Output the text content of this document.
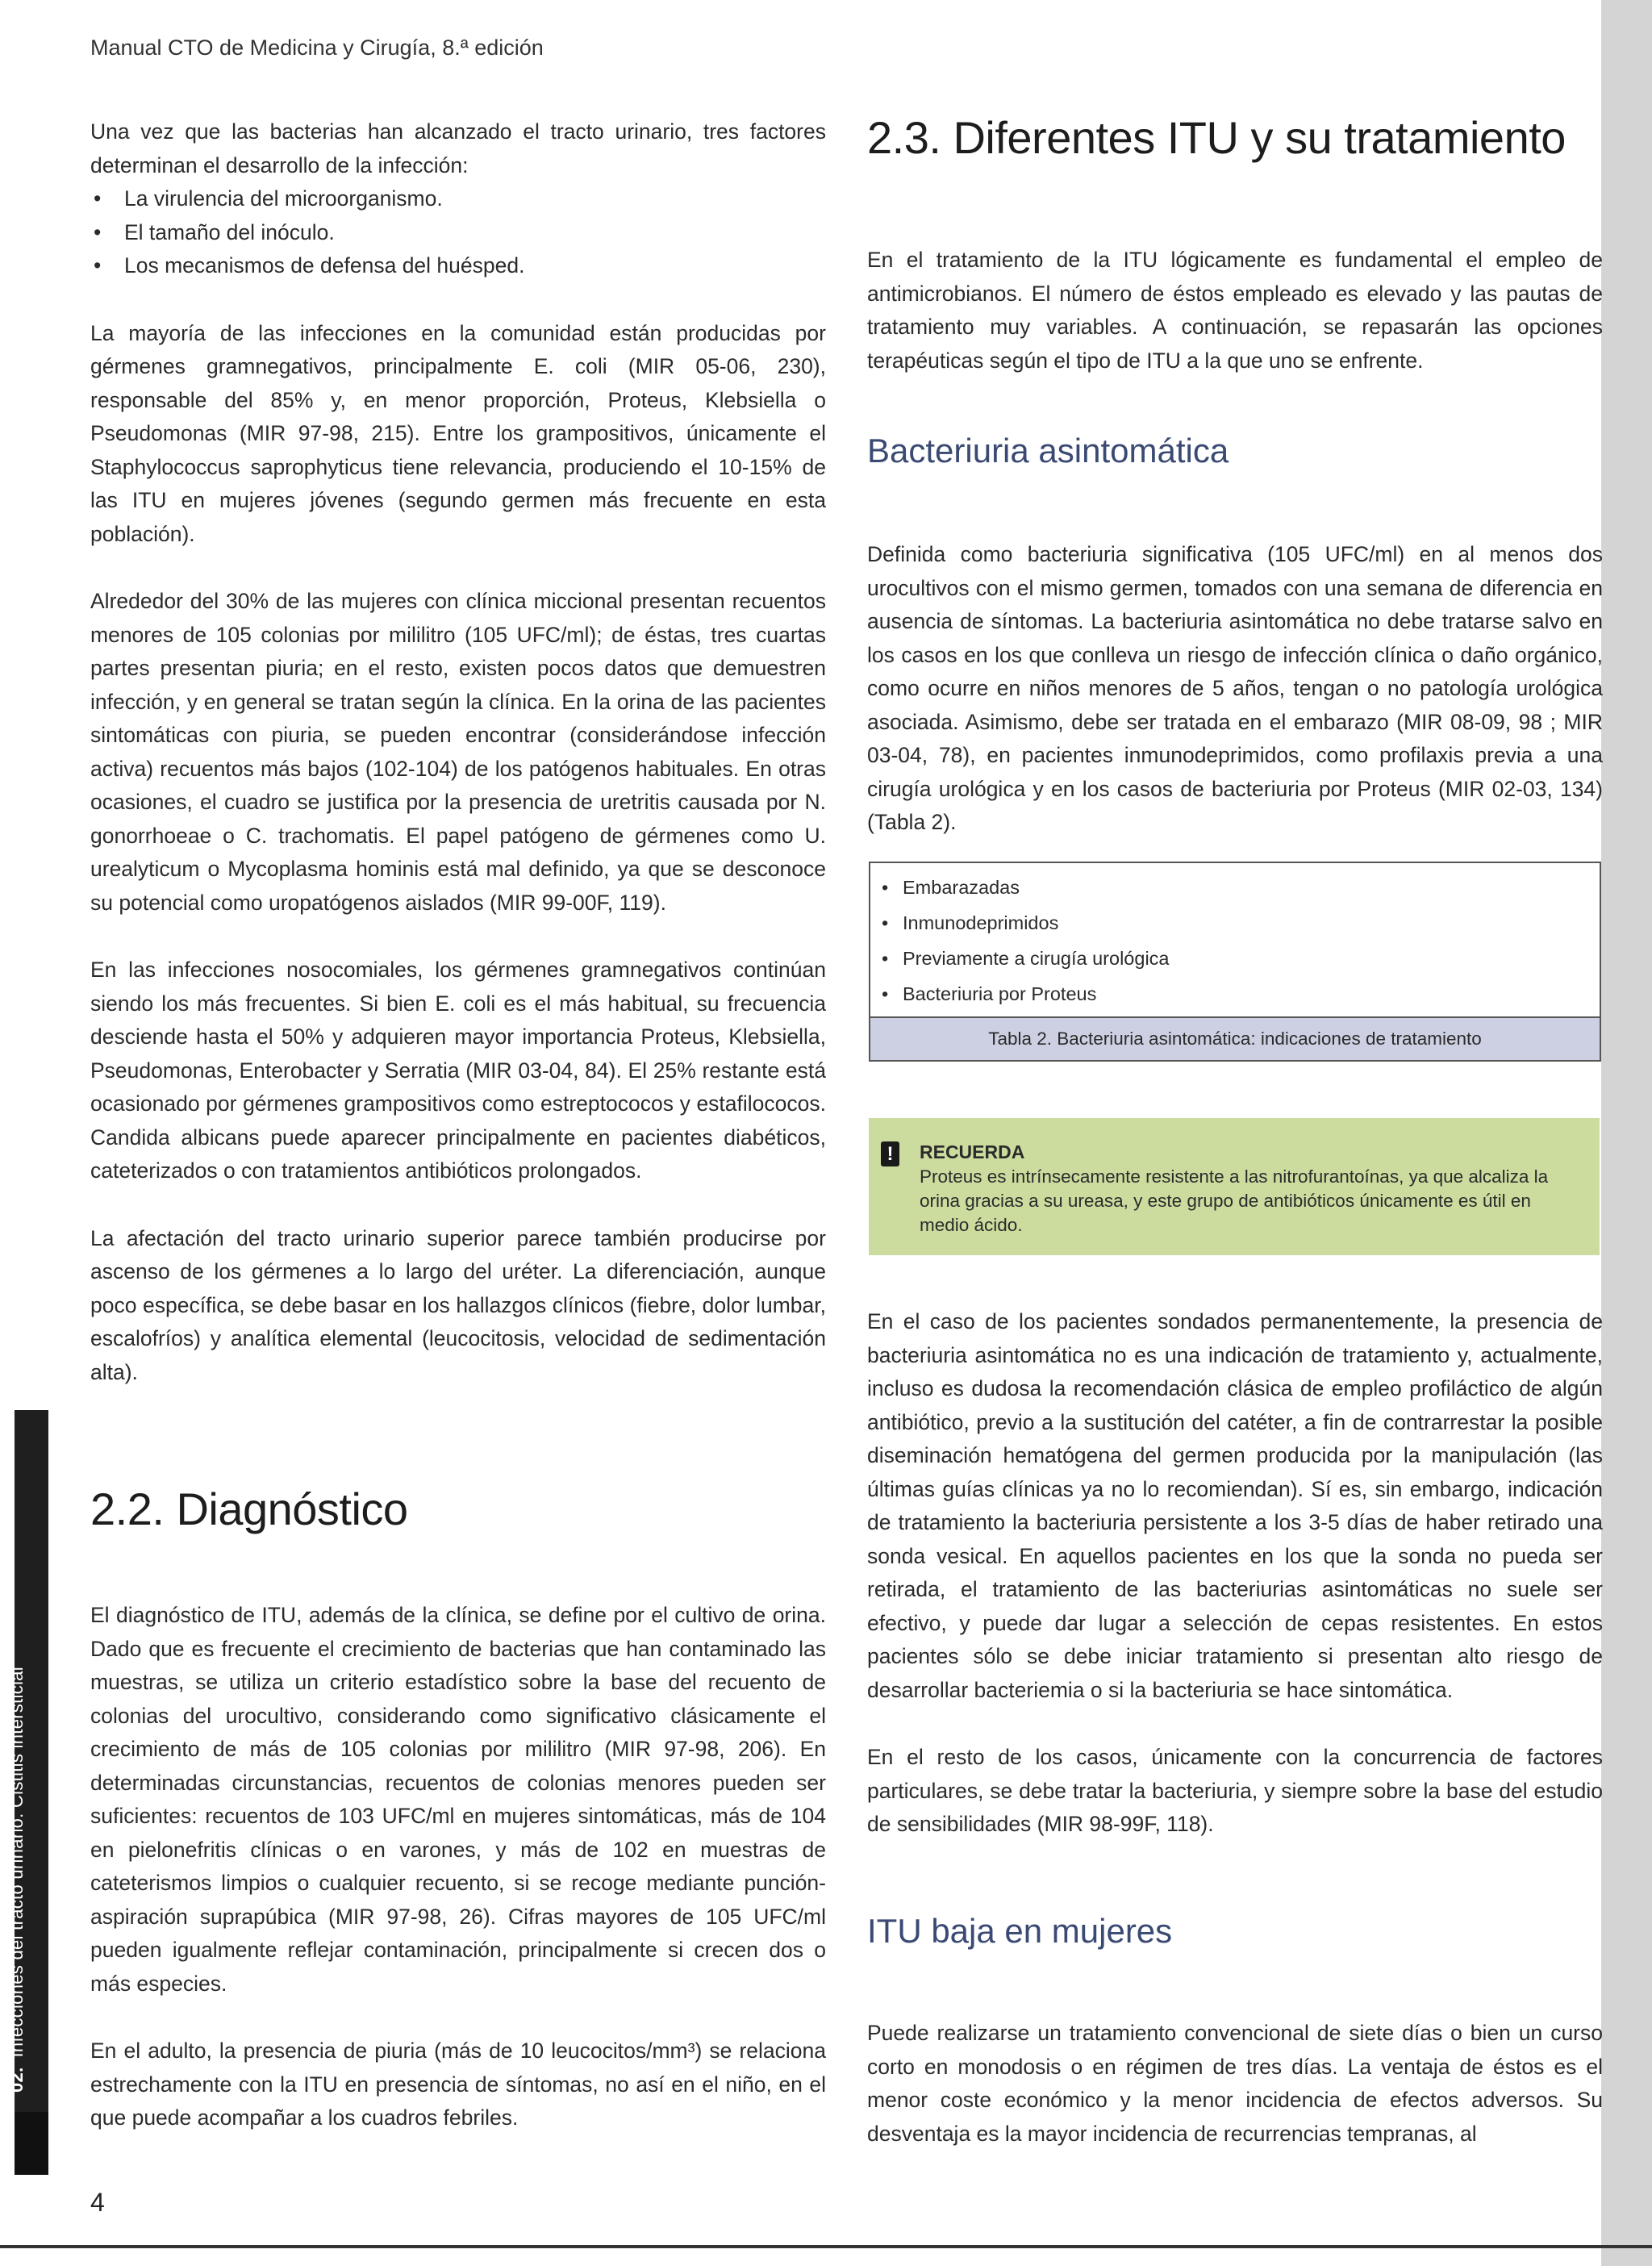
Manual CTO de Medicina y Cirugía, 8.ª edición
02.Infecciones del tracto urinario. Cistitis intersticial

Una vez que las bacterias han alcanzado el tracto urinario, tres factores determinan el desarrollo de la infección:

• La virulencia del microorganismo.
• El tamaño del inóculo.
• Los mecanismos de defensa del huésped.

La mayoría de las infecciones en la comunidad están producidas por gérmenes gramnegativos, principalmente E. coli (MIR 05-06, 230), responsable del 85% y, en menor proporción, Proteus, Klebsiella o Pseudomonas (MIR 97-98, 215). Entre los grampositivos, únicamente el Staphylococcus saprophyticus tiene relevancia, produciendo el 10-15% de las ITU en mujeres jóvenes (segundo germen más frecuente en esta población).

Alrededor del 30% de las mujeres con clínica miccional presentan recuentos menores de 105 colonias por mililitro (105 UFC/ml); de éstas, tres cuartas partes presentan piuria; en el resto, existen pocos datos que demuestren infección, y en general se tratan según la clínica. En la orina de las pacientes sintomáticas con piuria, se pueden encontrar (considerándose infección activa) recuentos más bajos (102-104) de los patógenos habituales. En otras ocasiones, el cuadro se justifica por la presencia de uretritis causada por N. gonorrhoeae o C. trachomatis. El papel patógeno de gérmenes como U. urealyticum o Mycoplasma hominis está mal definido, ya que se desconoce su potencial como uropatógenos aislados (MIR 99-00F, 119).

En las infecciones nosocomiales, los gérmenes gramnegativos continúan siendo los más frecuentes. Si bien E. coli es el más habitual, su frecuencia desciende hasta el 50% y adquieren mayor importancia Proteus, Klebsiella, Pseudomonas, Enterobacter y Serratia (MIR 03-04, 84). El 25% restante está ocasionado por gérmenes grampositivos como estreptococos y estafilococos. Candida albicans puede aparecer principalmente en pacientes diabéticos, cateterizados o con tratamientos antibióticos prolongados.

La afectación del tracto urinario superior parece también producirse por ascenso de los gérmenes a lo largo del uréter. La diferenciación, aunque poco específica, se debe basar en los hallazgos clínicos (fiebre, dolor lumbar, escalofríos) y analítica elemental (leucocitosis, velocidad de sedimentación alta).

2.2. Diagnóstico

El diagnóstico de ITU, además de la clínica, se define por el cultivo de orina. Dado que es frecuente el crecimiento de bacterias que han contaminado las muestras, se utiliza un criterio estadístico sobre la base del recuento de colonias del urocultivo, considerando como significativo clásicamente el crecimiento de más de 105 colonias por mililitro (MIR 97-98, 206). En determinadas circunstancias, recuentos de colonias menores pueden ser suficientes: recuentos de 103 UFC/ml en mujeres sintomáticas, más de 104 en pielonefritis clínicas o en varones, y más de 102 en muestras de cateterismos limpios o cualquier recuento, si se recoge mediante punción-aspiración suprapúbica (MIR 97-98, 26). Cifras mayores de 105 UFC/ml pueden igualmente reflejar contaminación, principalmente si crecen dos o más especies.

En el adulto, la presencia de piuria (más de 10 leucocitos/mm³) se relaciona estrechamente con la ITU en presencia de síntomas, no así en el niño, en el que puede acompañar a los cuadros febriles.

2.3. Diferentes ITU y su tratamiento

En el tratamiento de la ITU lógicamente es fundamental el empleo de antimicrobianos. El número de éstos empleado es elevado y las pautas de tratamiento muy variables. A continuación, se repasarán las opciones terapéuticas según el tipo de ITU a la que uno se enfrente.

Bacteriuria asintomática

Definida como bacteriuria significativa (105 UFC/ml) en al menos dos urocultivos con el mismo germen, tomados con una semana de diferencia en ausencia de síntomas. La bacteriuria asintomática no debe tratarse salvo en los casos en los que conlleva un riesgo de infección clínica o daño orgánico, como ocurre en niños menores de 5 años, tengan o no patología urológica asociada. Asimismo, debe ser tratada en el embarazo (MIR 08-09, 98 ; MIR 03-04, 78), en pacientes inmunodeprimidos, como profilaxis previa a una cirugía urológica y en los casos de bacteriuria por Proteus (MIR 02-03, 134) (Tabla 2).

• Embarazadas
• Inmunodeprimidos
• Previamente a cirugía urológica
• Bacteriuria por Proteus
Tabla 2. Bacteriuria asintomática: indicaciones de tratamiento
!	RECUERDA
Proteus es intrínsecamente resistente a las nitrofurantoínas, ya que alcaliza la orina gracias a su ureasa, y este grupo de antibióticos únicamente es útil en medio ácido.

En el caso de los pacientes sondados permanentemente, la presencia de bacteriuria asintomática no es una indicación de tratamiento y, actualmente, incluso es dudosa la recomendación clásica de empleo profiláctico de algún antibiótico, previo a la sustitución del catéter, a fin de contrarrestar la posible diseminación hematógena del germen producida por la manipulación (las últimas guías clínicas ya no lo recomiendan). Sí es, sin embargo, indicación de tratamiento la bacteriuria persistente a los 3-5 días de haber retirado una sonda vesical. En aquellos pacientes en los que la sonda no pueda ser retirada, el tratamiento de las bacteriurias asintomáticas no suele ser efectivo, y puede dar lugar a selección de cepas resistentes. En estos pacientes sólo se debe iniciar tratamiento si presentan alto riesgo de desarrollar bacteriemia o si la bacteriuria se hace sintomática.

En el resto de los casos, únicamente con la concurrencia de factores particulares, se debe tratar la bacteriuria, y siempre sobre la base del estudio de sensibilidades (MIR 98-99F, 118).

ITU baja en mujeres

Puede realizarse un tratamiento convencional de siete días o bien un curso corto en monodosis o en régimen de tres días. La ventaja de éstos es el menor coste económico y la menor incidencia de efectos adversos. Su desventaja es la mayor incidencia de recurrencias tempranas, al

4
